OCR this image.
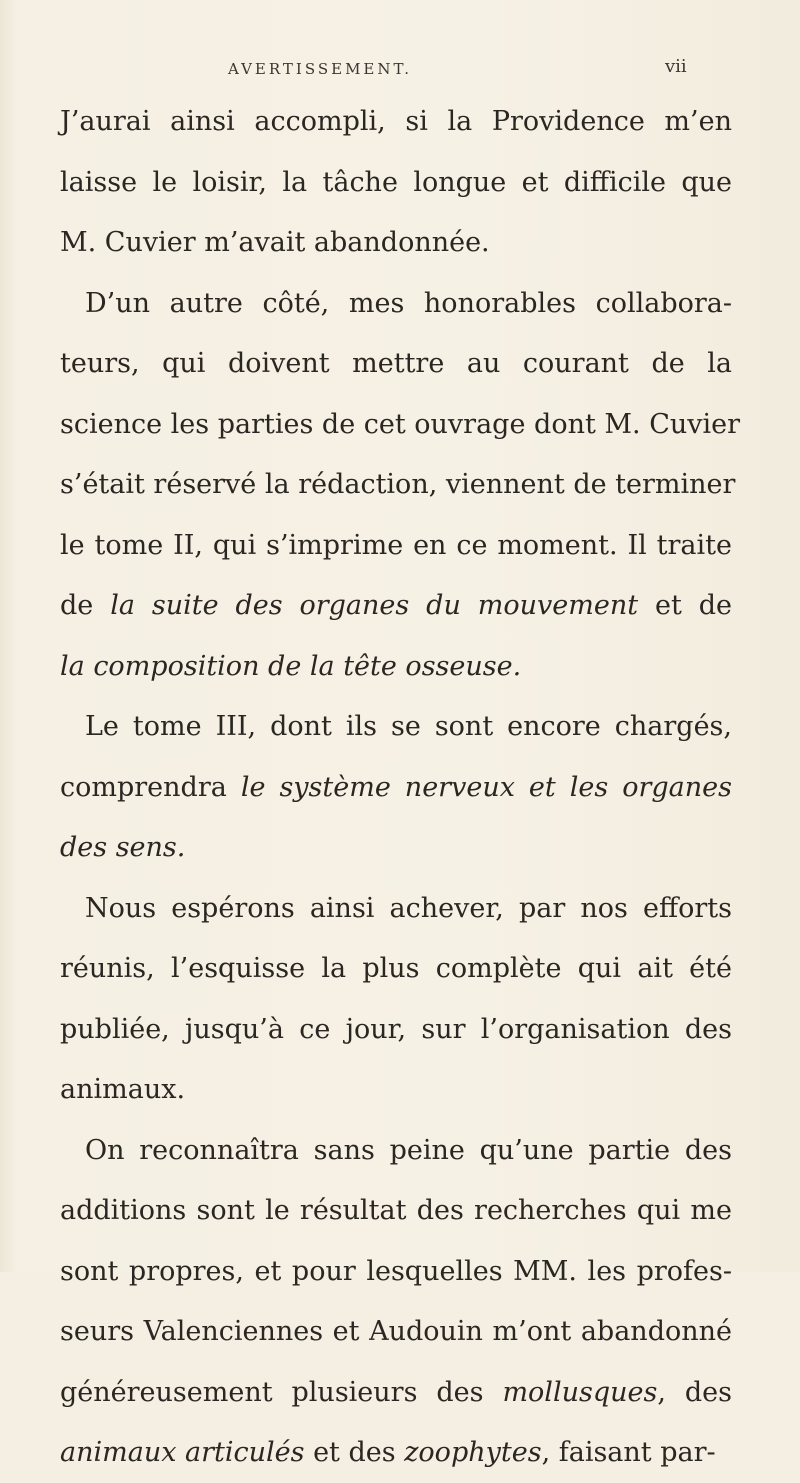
AVERTISSEMENT.	vii
J’aurai ainsi accompli, si la Providence m’en
laisse le loisir, la tâche longue et difficile que
M. Cuvier m’avait abandonnée.
D’un autre côté, mes honorables collabora-
teurs, qui doivent mettre au courant de la
science les parties de cet ouvrage dont M. Cuvier
s’était réservé la rédaction, viennent de terminer
le tome II, qui s’imprime en ce moment. Il traite
de la suite des organes du mouvement et de
la composition de la tête osseuse.
Le tome III, dont ils se sont encore chargés,
comprendra le système nerveux et les organes
des sens.
Nous espérons ainsi achever, par nos efforts
réunis, l’esquisse la plus complète qui ait été
publiée, jusqu’à ce jour, sur l’organisation des
animaux.
On reconnaîtra sans peine qu’une partie des
additions sont le résultat des recherches qui me
sont propres, et pour lesquelles MM. les profes-
seurs Valenciennes et Audouin m’ont abandonné
généreusement plusieurs des mollusques, des
animaux articulés et des zoophytes, faisant par-
